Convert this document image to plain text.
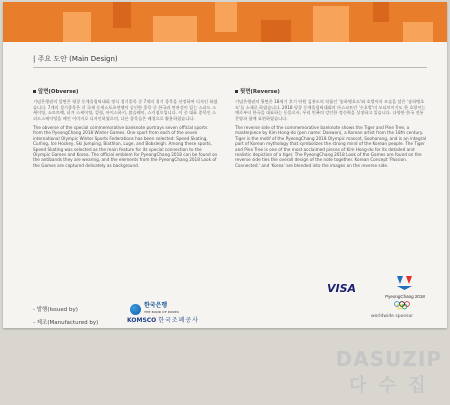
| 주요 도안 (Main Design)
앞면(Obverse)

기념은행권의 앞면은 평창 동계올림픽대회 정식 경기종목 중 7개의 경기 종목을 선정하여 디자인 하였습니다. 7개의 경기종목은 각 국제 동계스포츠연맹이 승인한 종목 중 한국과 연관성이 있는 스피드 스케이팅, 쇼트트랙, 피겨 스케이팅, 컬링, 아이스하키, 봅슬레이, 스키점프입니다. 이 중 대표 종목인 스피드스케이팅을 메인 이미지로 디자인하였으며, 다른 종목들은 배경으로 활용하였습니다.

The obverse of the special commemorative banknote portrays seven official sports from the PyeongChang 2018 Winter Games. One sport from each of the seven international Olympic Winter Sports Federations has been selected: Speed Skating, Curling, Ice Hockey, Ski Jumping, Biathlon, Luge, and Bobsleigh. Among these sports, Speed Skating was selected as the main feature for its special connection to the Olympic Games and Korea. The official emblem for PyeongChang 2018 can be found on the antibands they are wearing, and the elements from the PyeongChang 2018 Look of the Games are captured delicately as background.

뒷면(Reverse)

기념은행권의 뒷면은 18세기 후기 단원 김홍도의 작품인 '송하맹호도'와 호랑이의 모습을 담은 '송하맹호도'를 소재로 하였습니다. 2018 평창 동계올림픽대회의 마스코트인 '수호랑'의 모티브이기도 한 호랑이는 예로부터 한국을 대표하는 동물로서, 우리 민족의 강인한 정신력을 상징하고 있습니다. 다양한 한국 전통 문양과 함께 표현하였습니다.

The reverse side of the commemorative banknote shows the Tiger and Pine Tree, a masterpiece by Kim Hong-do (pen name: Danwon), a Korean artist from the 18th century. Tiger is the motif of the PyeongChang 2018 Olympic mascot, Soohorang, and is an integral part of Korean mythology that symbolizes the strong mind of the Korean people. The Tiger and Pine Tree is one of the most acclaimed pieces of Kim Hong-do for its detailed and realistic depiction of a tiger. The PyeongChang 2018 Look of the Games are found on the reverse side ties the overall design of the note together. Korean Concept 'Passion. Connected.' and 'Korea' are blended into the images on the reverse side.

- 발행(Issued by)
- 제조(Manufactured by)
한국은행
THE BANK OF KOREA
KOMSCO 한국조폐공사
VISA
PyeongChang 2018
worldwide sponsor
DASUZIP
다 수 집
